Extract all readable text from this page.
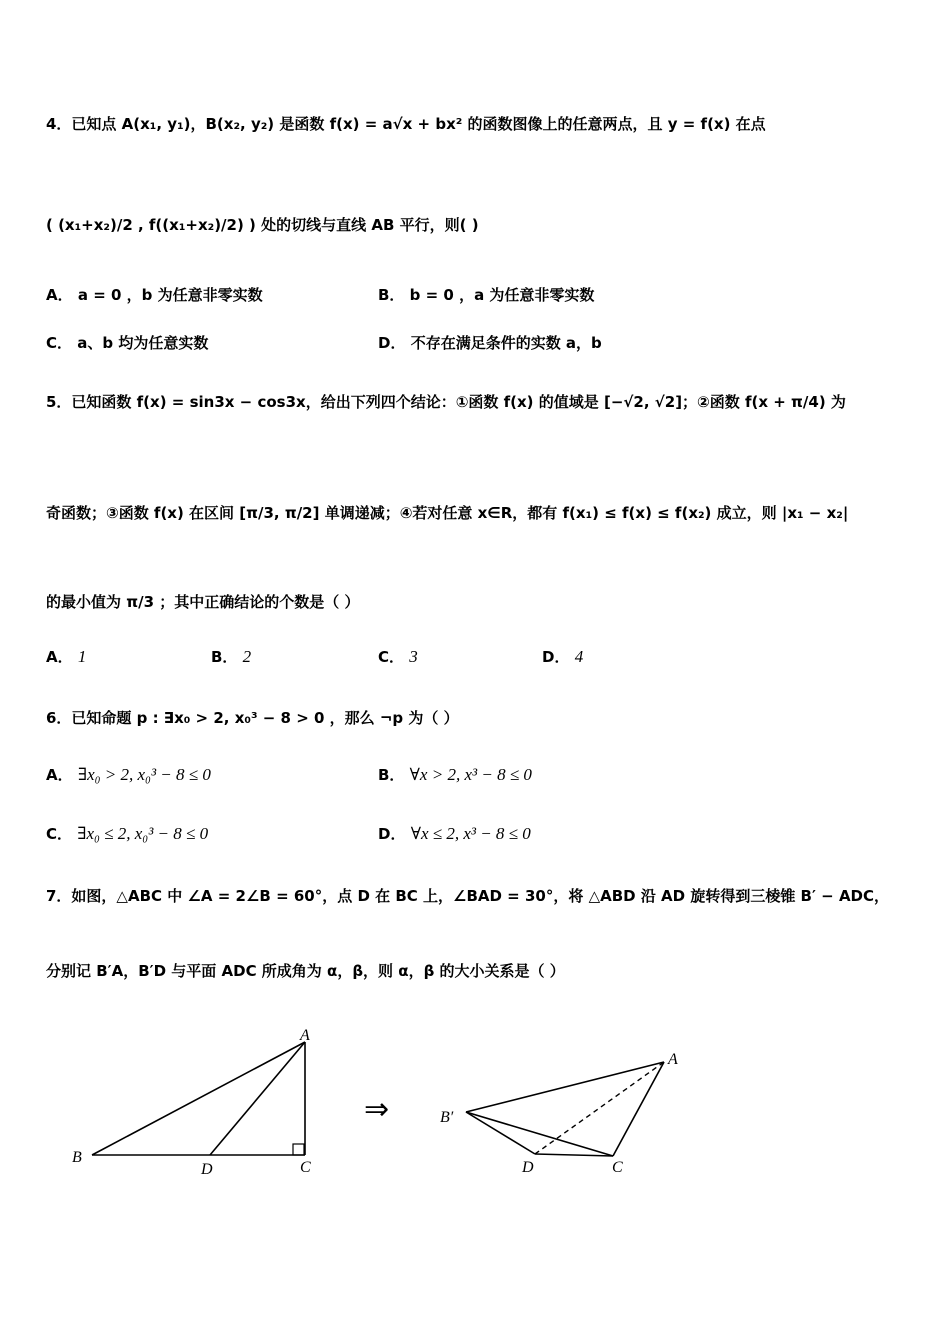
4．已知点 A(x₁, y₁)，B(x₂, y₂) 是函数 f(x) = a√x + bx² 的函数图像上的任意两点，且 y = f(x) 在点
( (x₁+x₂)/2 , f((x₁+x₂)/2) ) 处的切线与直线 AB 平行，则( )
A． a = 0 ，b 为任意非零实数	B． b = 0 ，a 为任意非零实数
C． a、b 均为任意实数	D． 不存在满足条件的实数 a，b
5．已知函数 f(x) = sin3x − cos3x，给出下列四个结论：①函数 f(x) 的值域是 [−√2, √2]；②函数 f(x + π/4) 为
奇函数；③函数 f(x) 在区间 [π/3, π/2] 单调递减；④若对任意 x∈R，都有 f(x₁) ≤ f(x) ≤ f(x₂) 成立，则 |x₁ − x₂|
的最小值为 π/3 ；其中正确结论的个数是（ ）
A． 1	B． 2	C． 3	D． 4
6．已知命题 p : ∃x₀ > 2, x₀³ − 8 > 0 ，那么 ¬p 为（ ）
A． ∃x₀ > 2, x₀³ − 8 ≤ 0	B． ∀x > 2, x³ − 8 ≤ 0
C． ∃x₀ ≤ 2, x₀³ − 8 ≤ 0	D． ∀x ≤ 2, x³ − 8 ≤ 0
7．如图，△ABC 中 ∠A = 2∠B = 60°，点 D 在 BC 上，∠BAD = 30°，将 △ABD 沿 AD 旋转得到三棱锥 B′ − ADC，
分别记 B′A，B′D 与平面 ADC 所成角为 α，β，则 α，β 的大小关系是（ ）
A
B
C
D
⇒
A
B′
D	C
